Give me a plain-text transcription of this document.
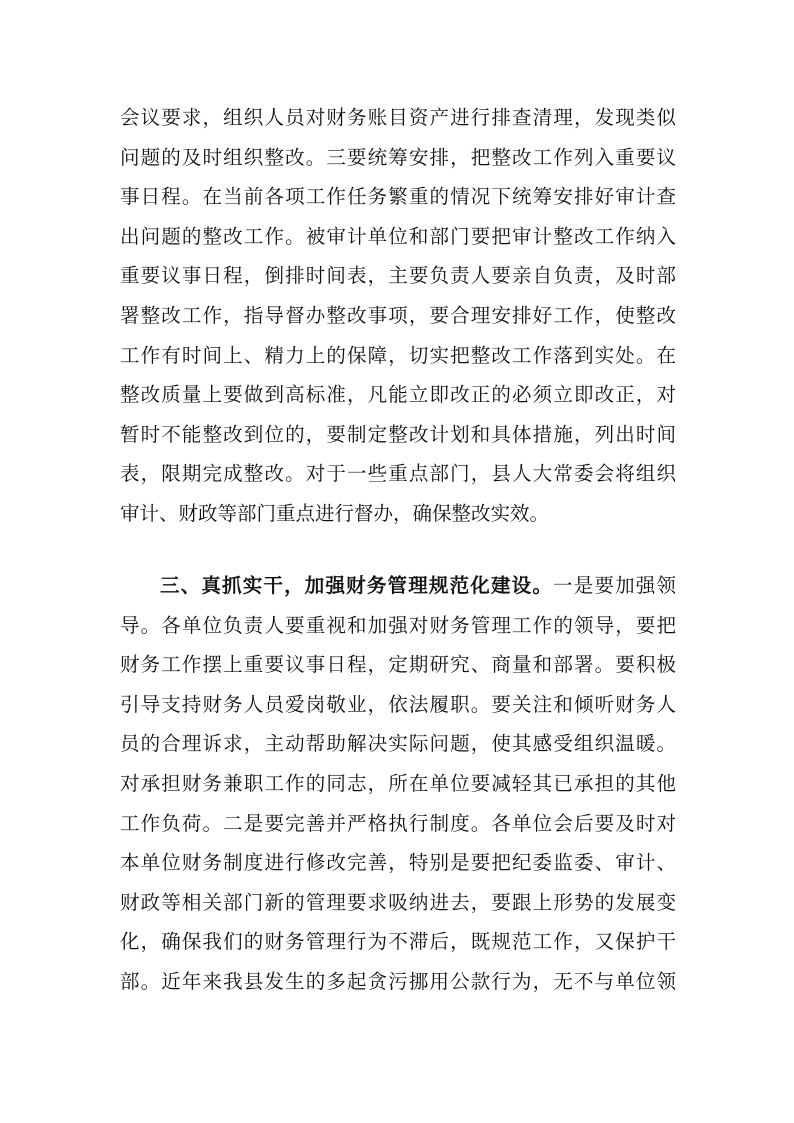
会议要求，组织人员对财务账目资产进行排查清理，发现类似
问题的及时组织整改。三要统筹安排，把整改工作列入重要议
事日程。在当前各项工作任务繁重的情况下统筹安排好审计查
出问题的整改工作。被审计单位和部门要把审计整改工作纳入
重要议事日程，倒排时间表，主要负责人要亲自负责，及时部
署整改工作，指导督办整改事项，要合理安排好工作，使整改
工作有时间上、精力上的保障，切实把整改工作落到实处。在
整改质量上要做到高标准，凡能立即改正的必须立即改正，对
暂时不能整改到位的，要制定整改计划和具体措施，列出时间
表，限期完成整改。对于一些重点部门，县人大常委会将组织
审计、财政等部门重点进行督办，确保整改实效。
三、真抓实干，加强财务管理规范化建设。一是要加强领
导。各单位负责人要重视和加强对财务管理工作的领导，要把
财务工作摆上重要议事日程，定期研究、商量和部署。要积极
引导支持财务人员爱岗敬业，依法履职。要关注和倾听财务人
员的合理诉求，主动帮助解决实际问题，使其感受组织温暖。
对承担财务兼职工作的同志，所在单位要减轻其已承担的其他
工作负荷。二是要完善并严格执行制度。各单位会后要及时对
本单位财务制度进行修改完善，特别是要把纪委监委、审计、
财政等相关部门新的管理要求吸纳进去，要跟上形势的发展变
化，确保我们的财务管理行为不滞后，既规范工作，又保护干
部。近年来我县发生的多起贪污挪用公款行为，无不与单位领
